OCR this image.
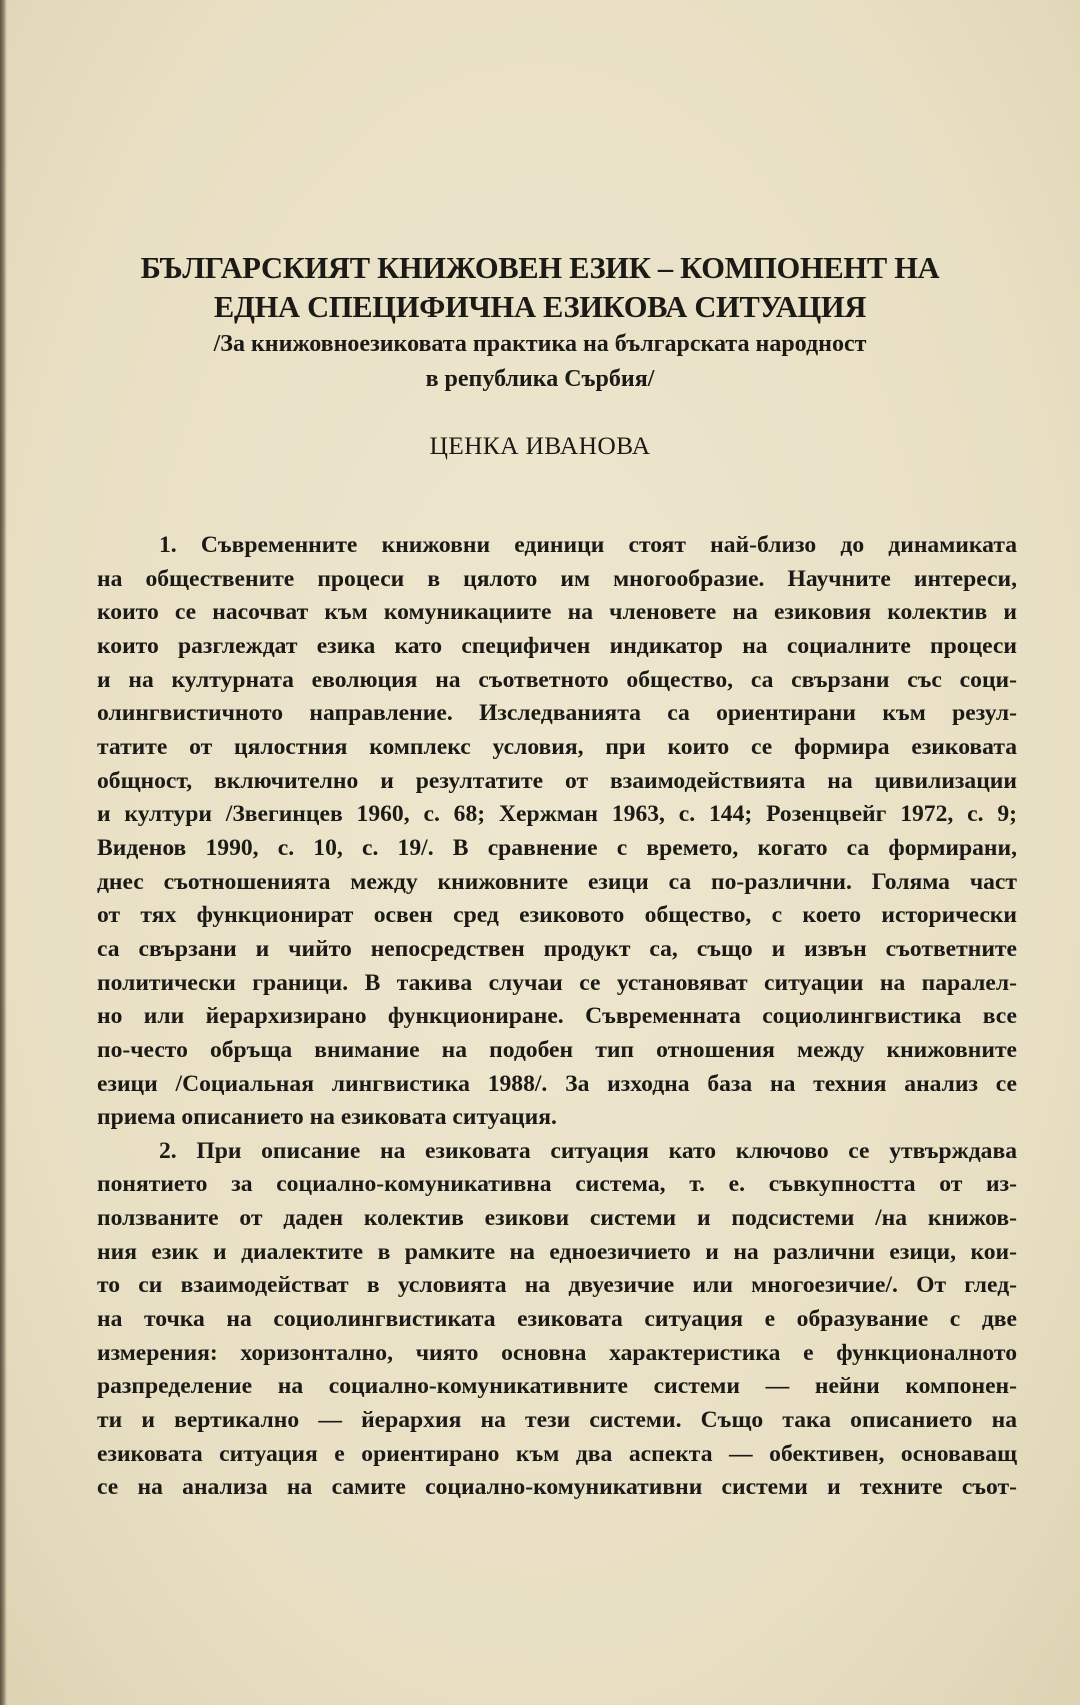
БЪЛГАРСКИЯТ КНИЖОВЕН ЕЗИК – КОМПОНЕНТ НА
ЕДНА СПЕЦИФИЧНА ЕЗИКОВА СИТУАЦИЯ
/За книжовноезиковата практика на българската народност
в република Сърбия/
ЦЕНКА ИВАНОВА
1. Съвременните книжовни единици стоят най-близо до динамиката
на обществените процеси в цялото им многообразие. Научните интереси,
които се насочват към комуникациите на членовете на езиковия колектив и
които разглеждат езика като специфичен индикатор на социалните процеси
и на културната еволюция на съответното общество, са свързани със соци-
олингвистичното направление. Изследванията са ориентирани към резул-
татите от цялостния комплекс условия, при които се формира езиковата
общност, включително и резултатите от взаимодействията на цивилизации
и култури /Звегинцев 1960, с. 68; Хержман 1963, с. 144; Розенцвейг 1972, с. 9;
Виденов 1990, с. 10, с. 19/. В сравнение с времето, когато са формирани,
днес съотношенията между книжовните езици са по-различни. Голяма част
от тях функционират освен сред езиковото общество, с което исторически
са свързани и чийто непосредствен продукт са, също и извън съответните
политически граници. В такива случаи се установяват ситуации на паралел-
но или йерархизирано функциониране. Съвременната социолингвистика все
по-често обръща внимание на подобен тип отношения между книжовните
езици /Социальная лингвистика 1988/. За изходна база на техния анализ се
приема описанието на езиковата ситуация.
2. При описание на езиковата ситуация като ключово се утвърждава
понятието за социално-комуникативна система, т. е. съвкупността от из-
ползваните от даден колектив езикови системи и подсистеми /на книжов-
ния език и диалектите в рамките на едноезичието и на различни езици, кои-
то си взаимодействат в условията на двуезичие или многоезичие/. От глед-
на точка на социолингвистиката езиковата ситуация е образувание с две
измерения: хоризонтално, чиято основна характеристика е функционалното
разпределение на социално-комуникативните системи — нейни компонен-
ти и вертикално — йерархия на тези системи. Също така описанието на
езиковата ситуация е ориентирано към два аспекта — обективен, основаващ
се на анализа на самите социално-комуникативни системи и техните съот-
